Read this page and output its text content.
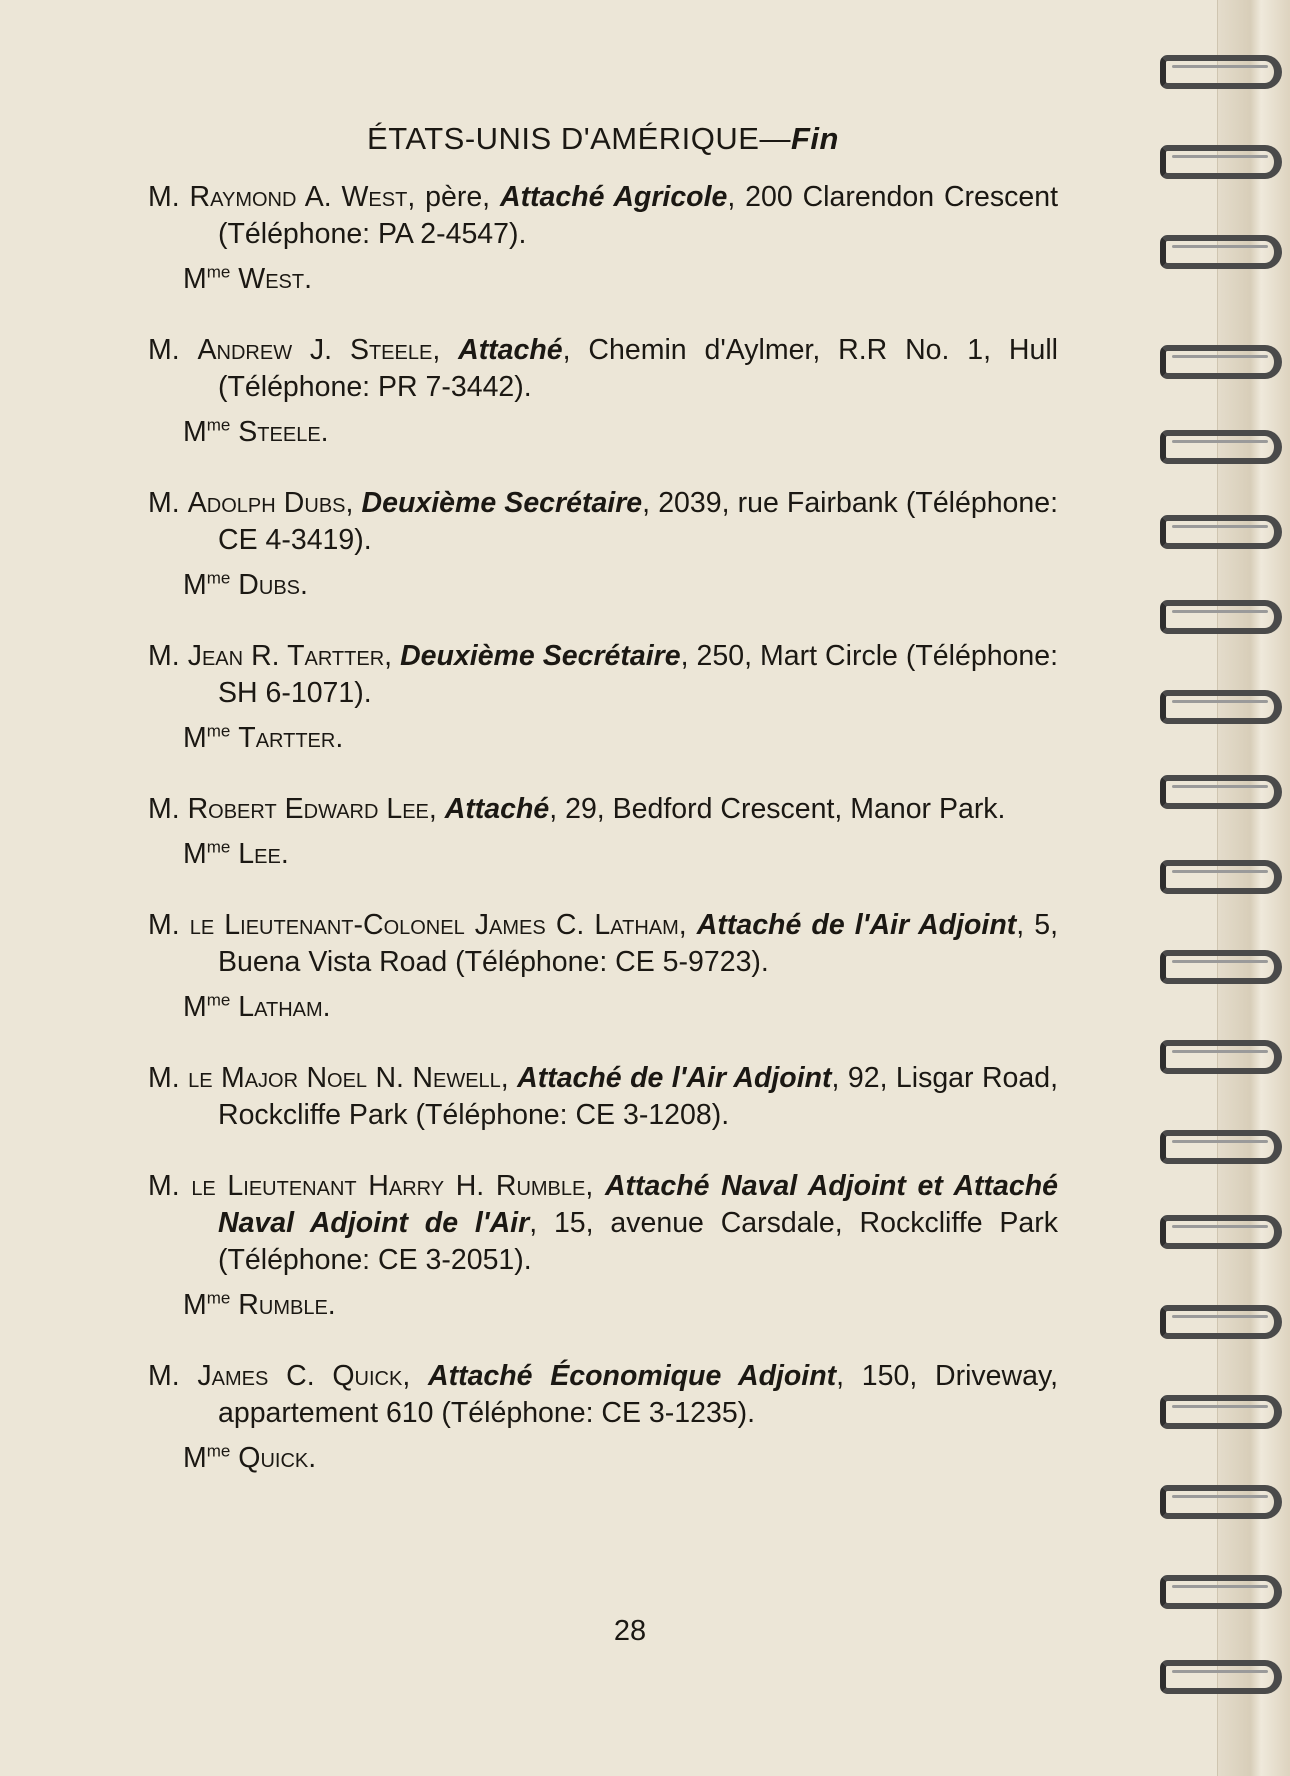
ÉTATS-UNIS D'AMÉRIQUE—Fin
M. Raymond A. West, père, Attaché Agricole, 200 Clarendon Crescent (Téléphone: PA 2-4547).
$M^{me}$ West.
M. Andrew J. Steele, Attaché, Chemin d'Aylmer, R.R No. 1, Hull (Téléphone: PR 7-3442).
$M^{me}$ Steele.
M. Adolph Dubs, Deuxième Secrétaire, 2039, rue Fairbank (Téléphone: CE 4-3419).
$M^{me}$ Dubs.
M. Jean R. Tartter, Deuxième Secrétaire, 250, Mart Circle (Téléphone: SH 6-1071).
$M^{me}$ Tartter.
M. Robert Edward Lee, Attaché, 29, Bedford Crescent, Manor Park.
$M^{me}$ Lee.
M. le Lieutenant-Colonel James C. Latham, Attaché de l'Air Adjoint, 5, Buena Vista Road (Téléphone: CE 5-9723).
$M^{me}$ Latham.
M. le Major Noel N. Newell, Attaché de l'Air Adjoint, 92, Lisgar Road, Rockcliffe Park (Téléphone: CE 3-1208).
M. le Lieutenant Harry H. Rumble, Attaché Naval Adjoint et Attaché Naval Adjoint de l'Air, 15, avenue Carsdale, Rockcliffe Park (Téléphone: CE 3-2051).
$M^{me}$ Rumble.
M. James C. Quick, Attaché Économique Adjoint, 150, Driveway, appartement 610 (Téléphone: CE 3-1235).
$M^{me}$ Quick.
28
